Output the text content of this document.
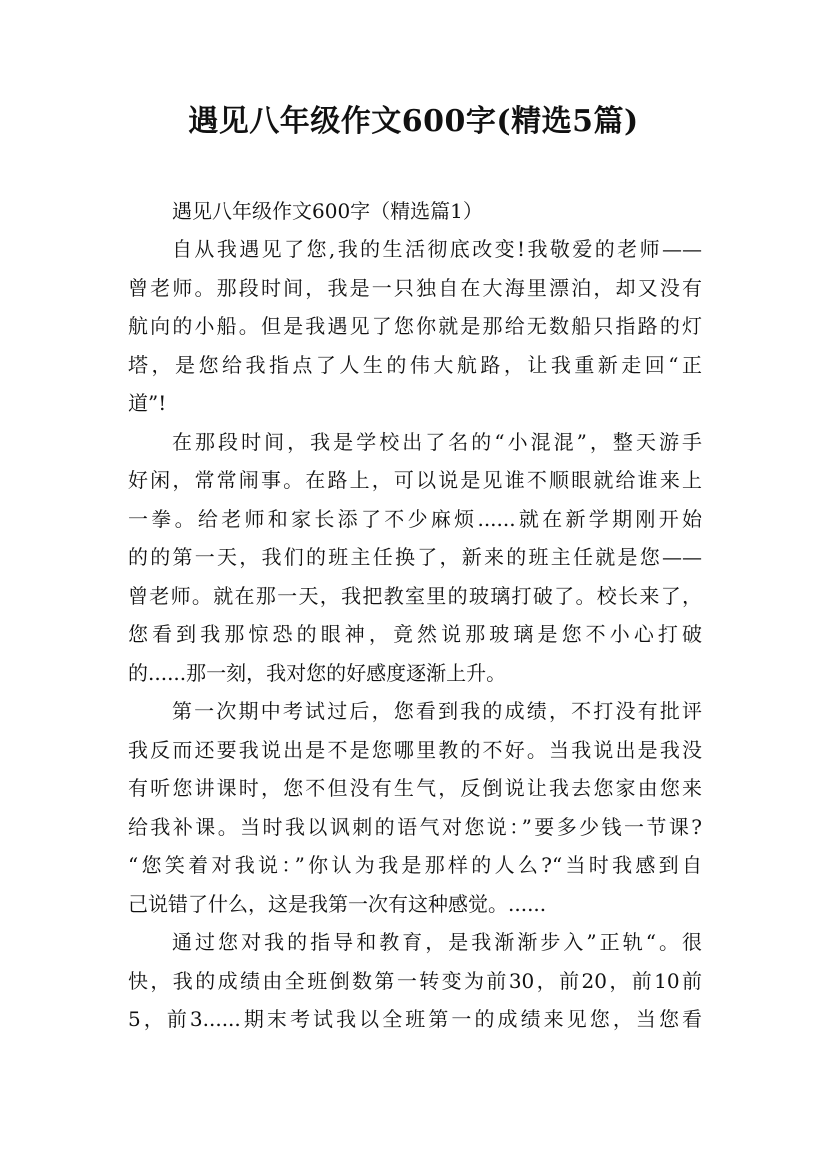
遇见八年级作文600字(精选5篇)

遇见八年级作文600字（精选篇1）

自从我遇见了您,我的生活彻底改变!我敬爱的老师——
曾老师。那段时间，我是一只独自在大海里漂泊，却又没有
航向的小船。但是我遇见了您你就是那给无数船只指路的灯
塔，是您给我指点了人生的伟大航路，让我重新走回“正
道”!
在那段时间，我是学校出了名的“小混混”，整天游手
好闲，常常闹事。在路上，可以说是见谁不顺眼就给谁来上
一拳。给老师和家长添了不少麻烦......就在新学期刚开始
的的第一天，我们的班主任换了，新来的班主任就是您——
曾老师。就在那一天，我把教室里的玻璃打破了。校长来了，
您看到我那惊恐的眼神，竟然说那玻璃是您不小心打破
的......那一刻，我对您的好感度逐渐上升。
第一次期中考试过后，您看到我的成绩，不打没有批评
我反而还要我说出是不是您哪里教的不好。当我说出是我没
有听您讲课时，您不但没有生气，反倒说让我去您家由您来
给我补课。当时我以讽刺的语气对您说：”要多少钱一节课?
“您笑着对我说：”你认为我是那样的人么?“当时我感到自
己说错了什么，这是我第一次有这种感觉。......
通过您对我的指导和教育，是我渐渐步入”正轨“。很
快，我的成绩由全班倒数第一转变为前30，前20，前10前
5，前3......期末考试我以全班第一的成绩来见您，当您看
